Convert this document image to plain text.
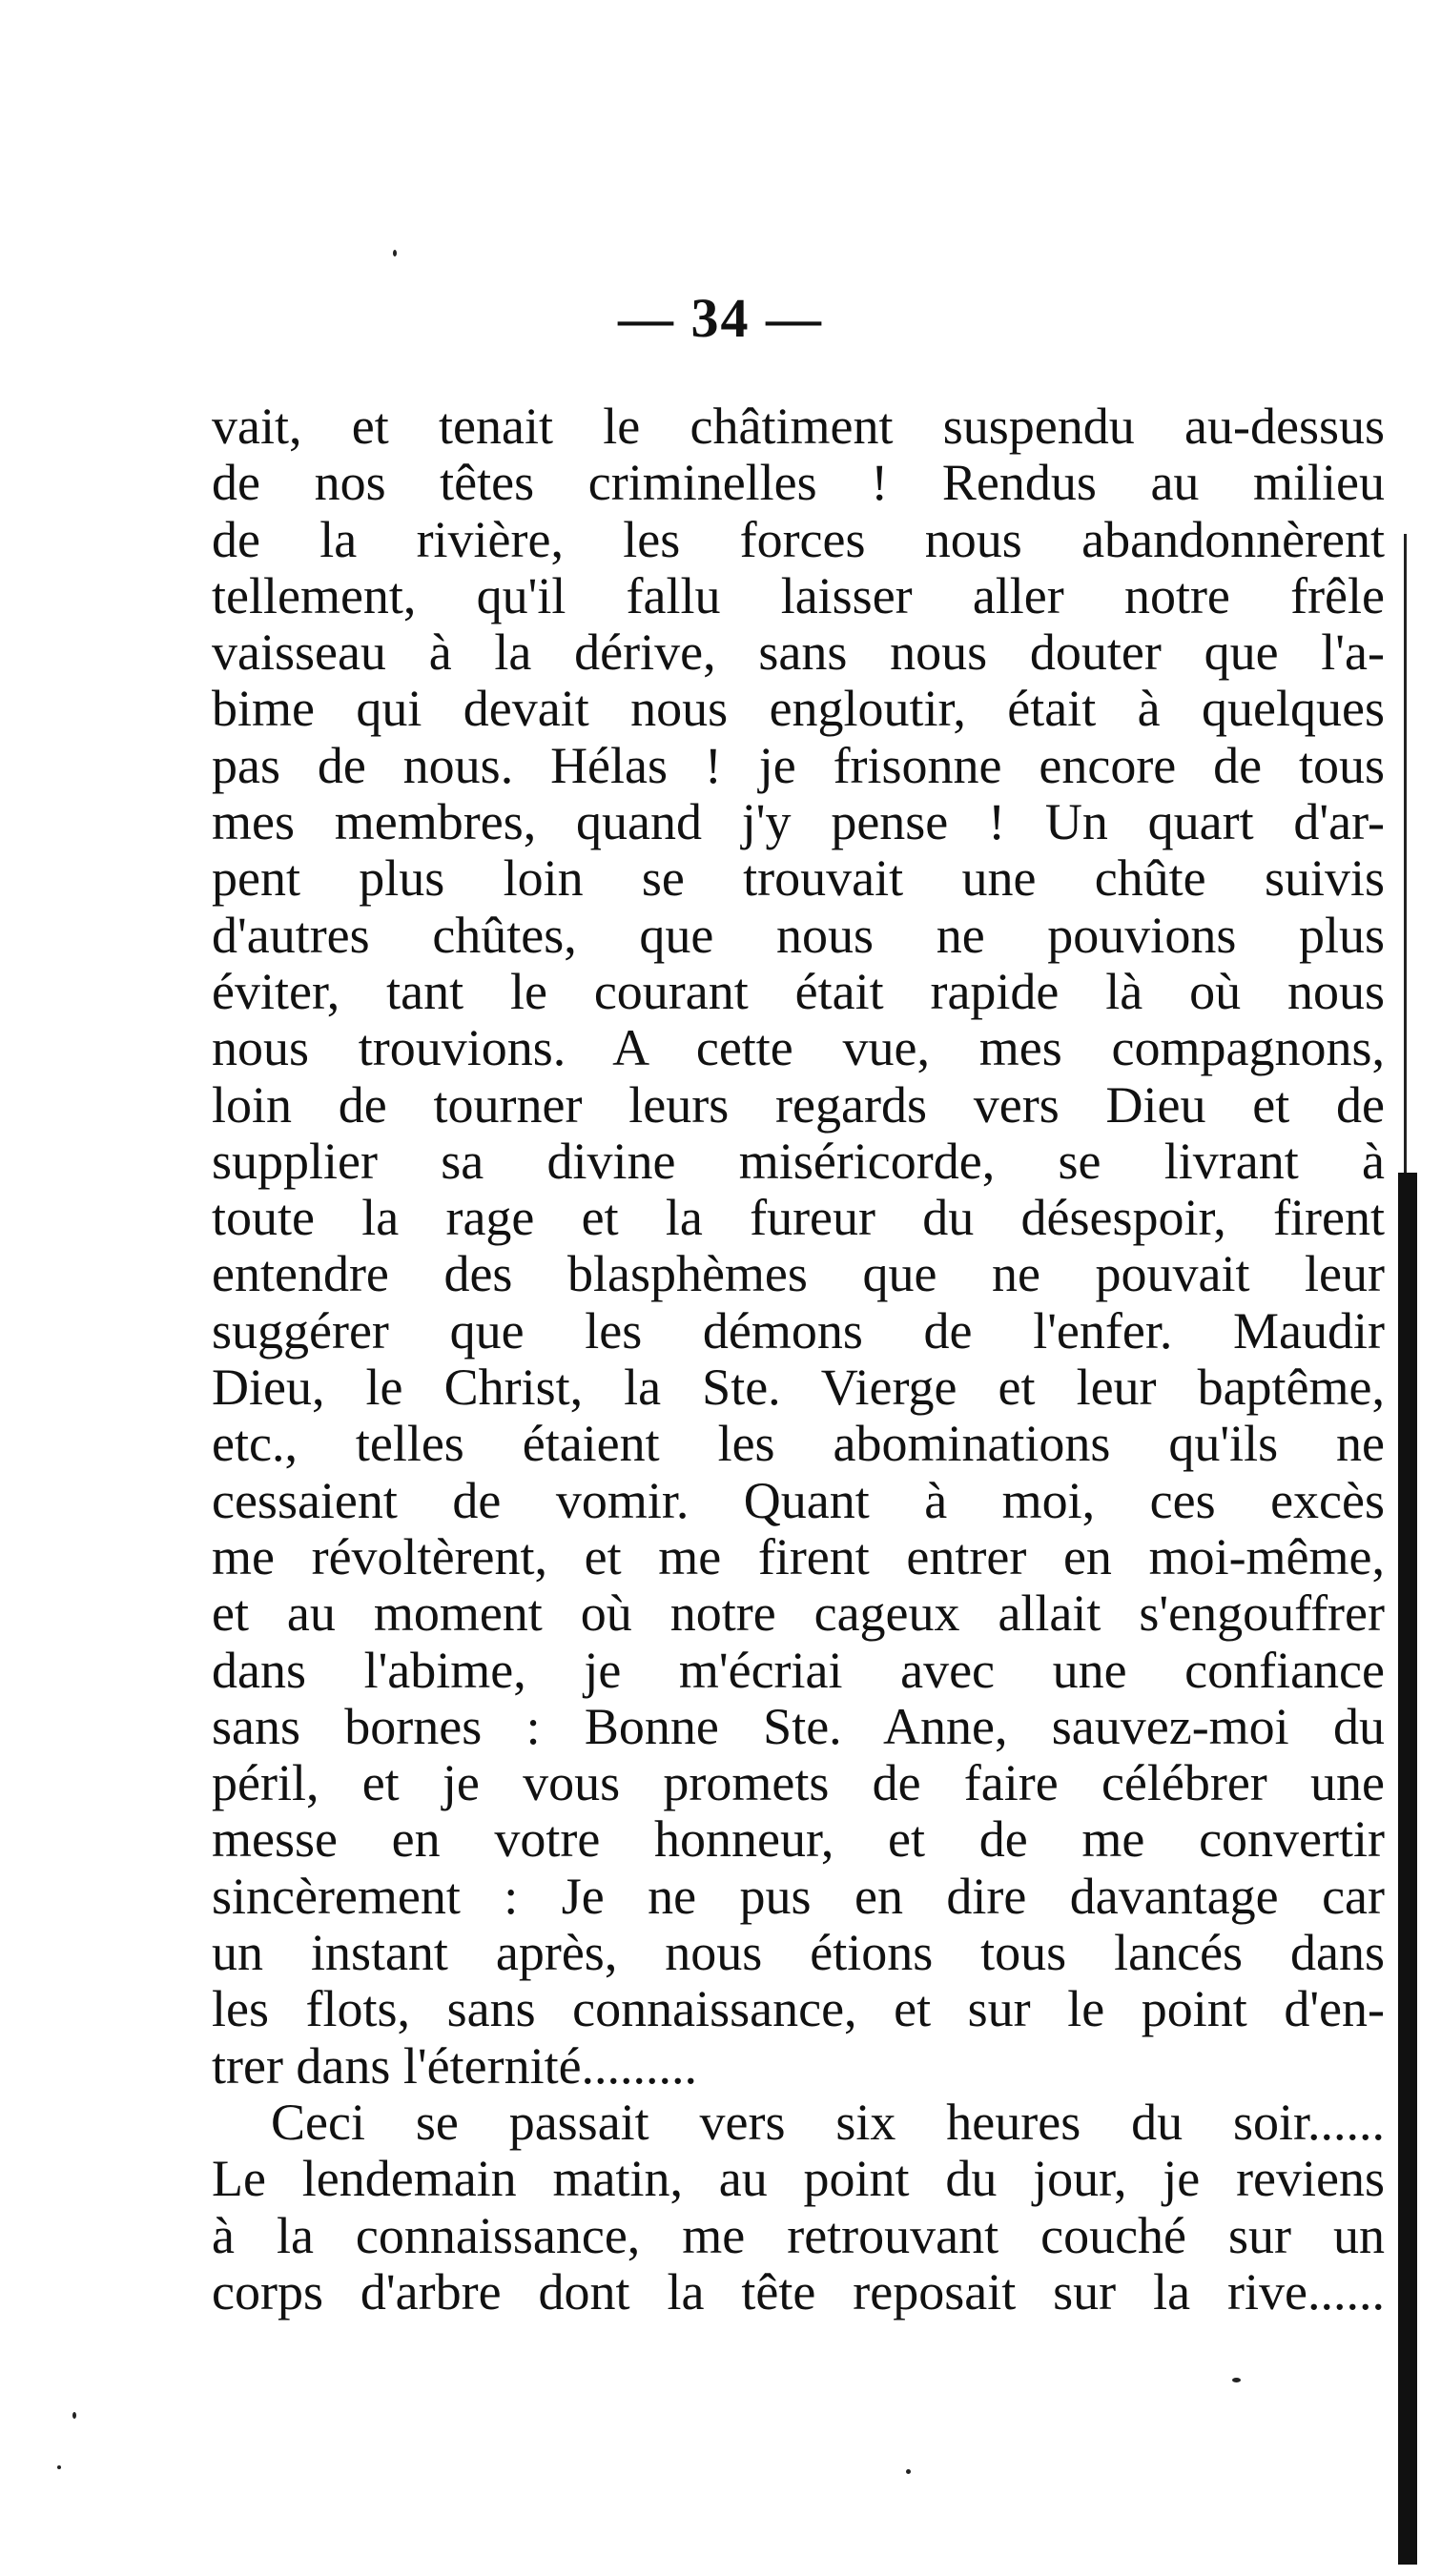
— 34 —
vait, et tenait le châtiment suspendu au-dessus
de nos têtes criminelles ! Rendus au milieu
de la rivière, les forces nous abandonnèrent
tellement, qu'il fallu laisser aller notre frêle
vaisseau à la dérive, sans nous douter que l'a-
bime qui devait nous engloutir, était à quelques
pas de nous. Hélas ! je frisonne encore de tous
mes membres, quand j'y pense ! Un quart d'ar-
pent plus loin se trouvait une chûte suivis
d'autres chûtes, que nous ne pouvions plus
éviter, tant le courant était rapide là où nous
nous trouvions. A cette vue, mes compagnons,
loin de tourner leurs regards vers Dieu et de
supplier sa divine miséricorde, se livrant à
toute la rage et la fureur du désespoir, firent
entendre des blasphèmes que ne pouvait leur
suggérer que les démons de l'enfer. Maudir
Dieu, le Christ, la Ste. Vierge et leur baptême,
etc., telles étaient les abominations qu'ils ne
cessaient de vomir. Quant à moi, ces excès
me révoltèrent, et me firent entrer en moi-même,
et au moment où notre cageux allait s'engouffrer
dans l'abime, je m'écriai avec une confiance
sans bornes : Bonne Ste. Anne, sauvez-moi du
péril, et je vous promets de faire célébrer une
messe en votre honneur, et de me convertir
sincèrement : Je ne pus en dire davantage car
un instant après, nous étions tous lancés dans
les flots, sans connaissance, et sur le point d'en-
trer dans l'éternité.........
Ceci se passait vers six heures du soir......
Le lendemain matin, au point du jour, je reviens
à la connaissance, me retrouvant couché sur un
corps d'arbre dont la tête reposait sur la rive......
